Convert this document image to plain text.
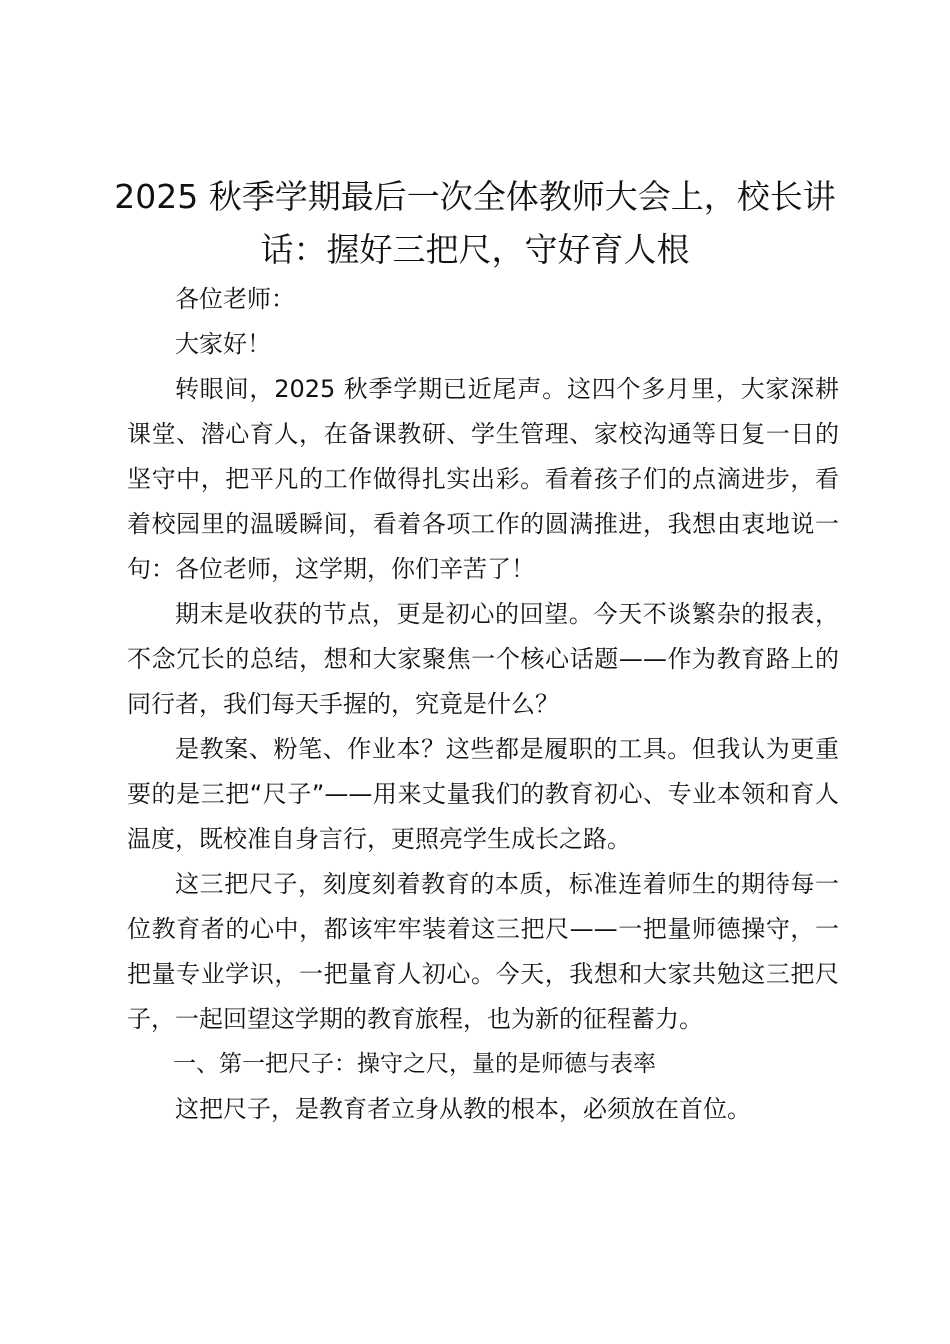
2025 秋季学期最后一次全体教师大会上，校长讲话：握好三把尺，守好育人根

各位老师：

大家好！

转眼间，2025 秋季学期已近尾声。这四个多月里，大家深耕课堂、潜心育人，在备课教研、学生管理、家校沟通等日复一日的坚守中，把平凡的工作做得扎实出彩。看着孩子们的点滴进步，看着校园里的温暖瞬间，看着各项工作的圆满推进，我想由衷地说一句：各位老师，这学期，你们辛苦了！

期末是收获的节点，更是初心的回望。今天不谈繁杂的报表，不念冗长的总结，想和大家聚焦一个核心话题——作为教育路上的同行者，我们每天手握的，究竟是什么？

是教案、粉笔、作业本？这些都是履职的工具。但我认为更重要的是三把“尺子”——用来丈量我们的教育初心、专业本领和育人温度，既校准自身言行，更照亮学生成长之路。

这三把尺子，刻度刻着教育的本质，标准连着师生的期待每一位教育者的心中，都该牢牢装着这三把尺——一把量师德操守，一把量专业学识，一把量育人初心。今天，我想和大家共勉这三把尺子，一起回望这学期的教育旅程，也为新的征程蓄力。

一、第一把尺子：操守之尺，量的是师德与表率

这把尺子，是教育者立身从教的根本，必须放在首位。
